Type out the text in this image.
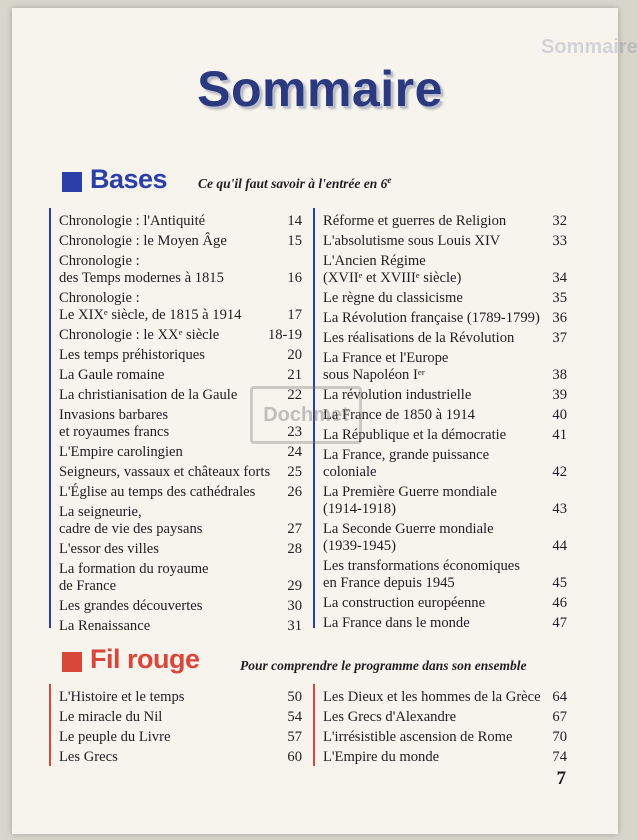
Sommaire
Sommaire
Bases Ce qu'il faut savoir à l'entrée en 6e
Chronologie : l'Antiquité	14
Chronologie : le Moyen Âge	15
Chronologie :
des Temps modernes à 1815	16
Chronologie :
Le XIXᵉ siècle, de 1815 à 1914	17
Chronologie : le XXᵉ siècle	18-19
Les temps préhistoriques	20
La Gaule romaine	21
La christianisation de la Gaule	22
Invasions barbares
et royaumes francs	23
L'Empire carolingien	24
Seigneurs, vassaux et châteaux forts	25
L'Église au temps des cathédrales	26
La seigneurie,
cadre de vie des paysans	27
L'essor des villes	28
La formation du royaume
de France	29
Les grandes découvertes	30
La Renaissance	31
Réforme et guerres de Religion	32
L'absolutisme sous Louis XIV	33
L'Ancien Régime
(XVIIᵉ et XVIIIᵉ siècle)	34
Le règne du classicisme	35
La Révolution française (1789-1799) 36
Les réalisations de la Révolution	37
La France et l'Europe
sous Napoléon Iᵉʳ	38
La révolution industrielle	39
La France de 1850 à 1914	40
La République et la démocratie	41
La France, grande puissance
coloniale	42
La Première Guerre mondiale
(1914-1918)	43
La Seconde Guerre mondiale
(1939-1945)	44
Les transformations économiques
en France depuis 1945	45
La construction européenne	46
La France dans le monde	47
Fil rouge	Pour comprendre le programme dans son ensemble
L'Histoire et le temps	50
Le miracle du Nil	54
Le peuple du Livre	57
Les Grecs	60
Les Dieux et les hommes de la Grèce 64
Les Grecs d'Alexandre	67
L'irrésistible ascension de Rome	70
L'Empire du monde	74
Dochmet
7
